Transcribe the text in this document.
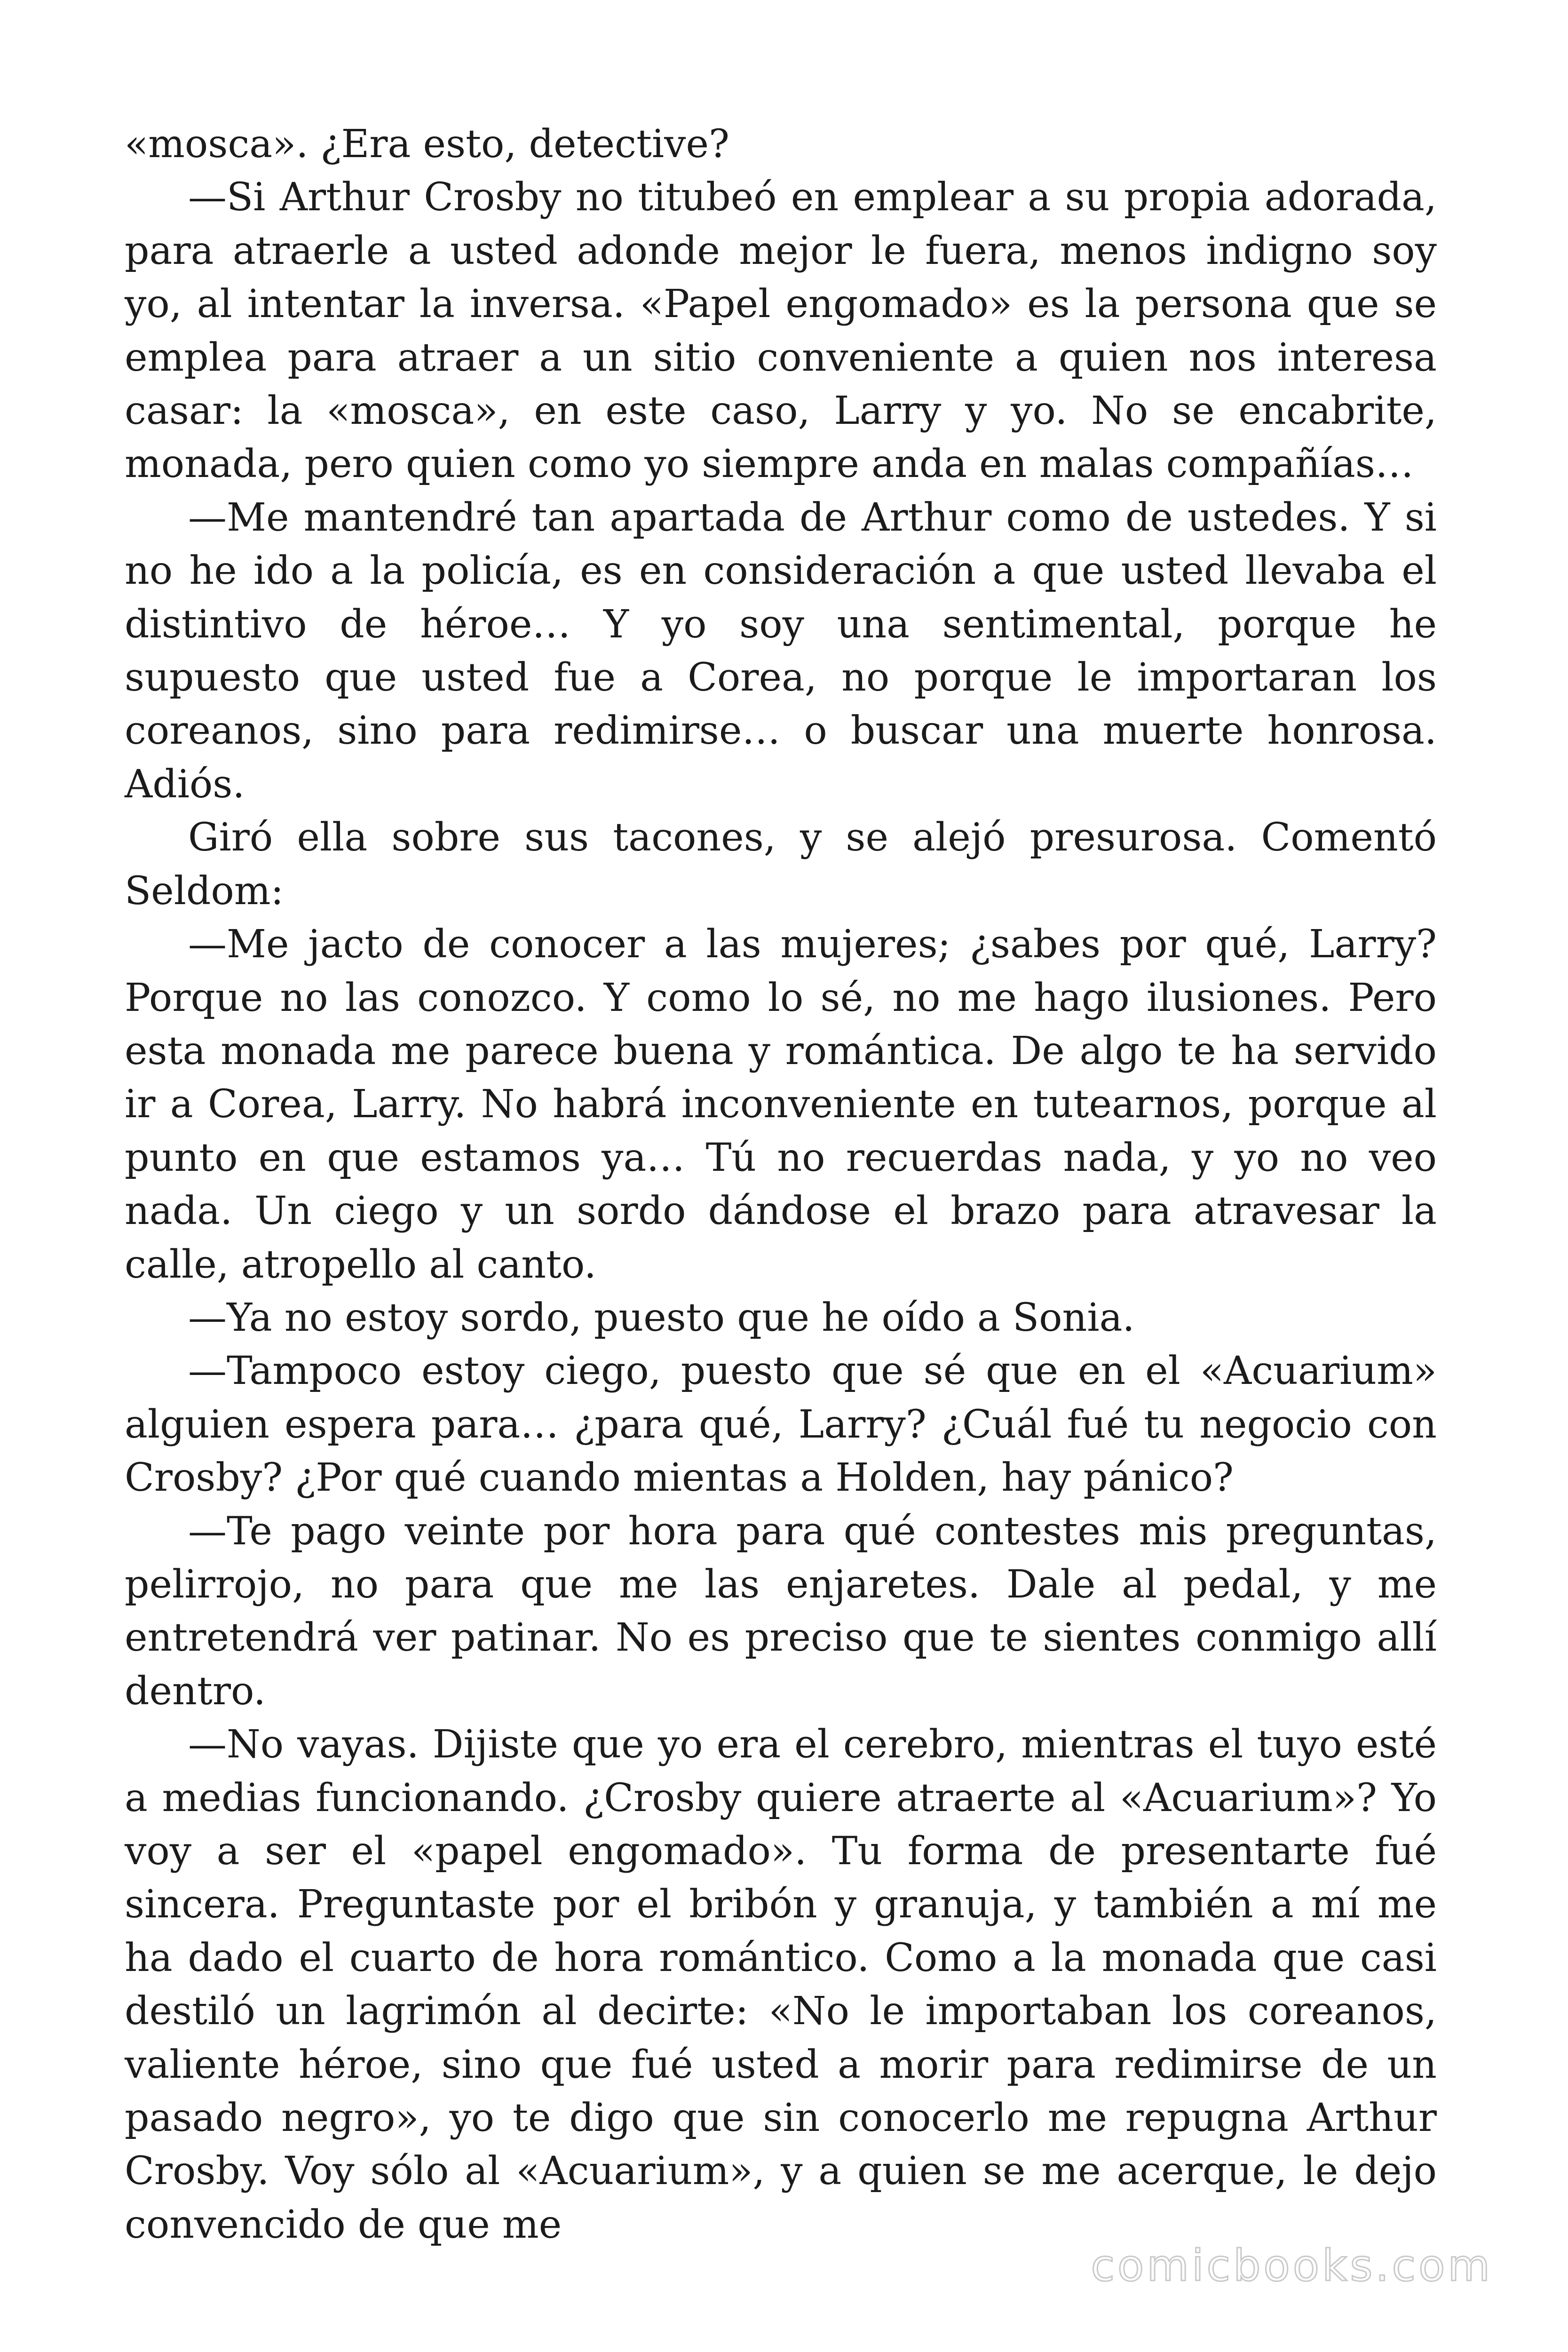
«mosca». ¿Era esto, detective?

—Si Arthur Crosby no titubeó en emplear a su propia adorada, para atraerle a usted adonde mejor le fuera, menos indigno soy yo, al intentar la inversa. «Papel engomado» es la persona que se emplea para atraer a un sitio conveniente a quien nos interesa casar: la «mosca», en este caso, Larry y yo. No se encabrite, monada, pero quien como yo siempre anda en malas compañías…

—Me mantendré tan apartada de Arthur como de ustedes. Y si no he ido a la policía, es en consideración a que usted llevaba el distintivo de héroe… Y yo soy una sentimental, porque he supuesto que usted fue a Corea, no porque le importaran los coreanos, sino para redimirse… o buscar una muerte honrosa. Adiós.

Giró ella sobre sus tacones, y se alejó presurosa. Comentó Seldom:

—Me jacto de conocer a las mujeres; ¿sabes por qué, Larry? Porque no las conozco. Y como lo sé, no me hago ilusiones. Pero esta monada me parece buena y romántica. De algo te ha servido ir a Corea, Larry. No habrá inconveniente en tutearnos, porque al punto en que estamos ya… Tú no recuerdas nada, y yo no veo nada. Un ciego y un sordo dándose el brazo para atravesar la calle, atropello al canto.

—Ya no estoy sordo, puesto que he oído a Sonia.

—Tampoco estoy ciego, puesto que sé que en el «Acuarium» alguien espera para… ¿para qué, Larry? ¿Cuál fué tu negocio con Crosby? ¿Por qué cuando mientas a Holden, hay pánico?

—Te pago veinte por hora para qué contestes mis preguntas, pelirrojo, no para que me las enjaretes. Dale al pedal, y me entretendrá ver patinar. No es preciso que te sientes conmigo allí dentro.

—No vayas. Dijiste que yo era el cerebro, mientras el tuyo esté a medias funcionando. ¿Crosby quiere atraerte al «Acuarium»? Yo voy a ser el «papel engomado». Tu forma de presentarte fué sincera. Preguntaste por el bribón y granuja, y también a mí me ha dado el cuarto de hora romántico. Como a la monada que casi destiló un lagrimón al decirte: «No le importaban los coreanos, valiente héroe, sino que fué usted a morir para redimirse de un pasado negro», yo te digo que sin conocerlo me repugna Arthur Crosby. Voy sólo al «Acuarium», y a quien se me acerque, le dejo convencido de que me

comicbooks.com
